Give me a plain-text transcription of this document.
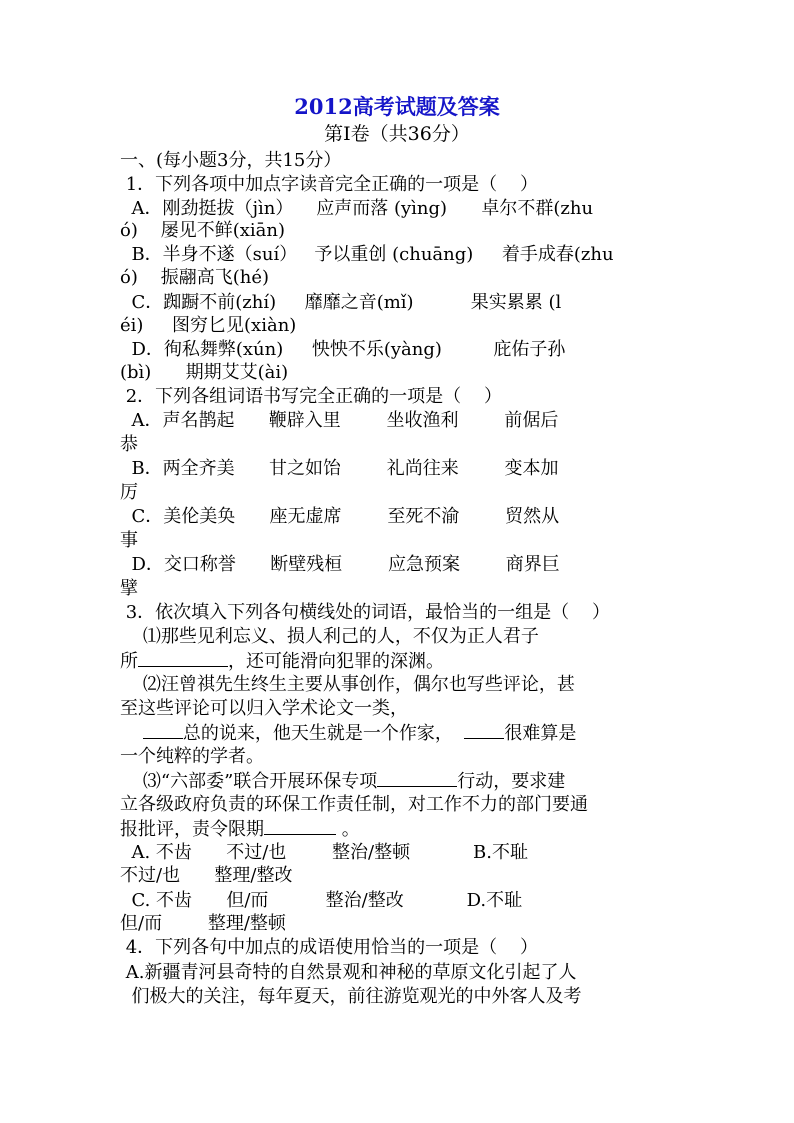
2012高考试题及答案
第Ⅰ卷（共36分）
一、(每小题3分，共15分）
1．下列各项中加点字读音完全正确的一项是（    ）
A．刚劲挺拔（jìn）    应声而落 (yìng)      卓尔不群(zhu
ó)    屡见不鲜(xiān)
B．半身不遂（suí）   予以重创 (chuāng)     着手成春(zhu
ó)    振翮高飞(hé)
C．踟蹰不前(zhí)     靡靡之音(mǐ)          果实累累 (l
éi)     图穷匕见(xiàn)
D．徇私舞弊(xún)     怏怏不乐(yàng)         庇佑子孙
(bì)      期期艾艾(ài)
2．下列各组词语书写完全正确的一项是（    ）
A．声名鹊起      鞭辟入里        坐收渔利        前倨后
恭
B．两全齐美      甘之如饴        礼尚往来        变本加
厉
C．美伦美奂      座无虚席        至死不渝        贸然从
事
D．交口称誉      断壁残桓        应急预案        商界巨
擘
3．依次填入下列各句横线处的词语，最恰当的一组是（    ）
⑴那些见利忘义、损人利己的人，不仅为正人君子
所	，还可能滑向犯罪的深渊。
⑵汪曾祺先生终生主要从事创作，偶尔也写些评论，甚
至这些评论可以归入学术论文一类，
总的说来，他天生就是一个作家，  很难算是
一个纯粹的学者。
⑶“六部委”联合开展环保专项	行动，要求建
立各级政府负责的环保工作责任制，对工作不力的部门要通
报批评，责令限期	。
A. 不齿      不过/也        整治/整顿           B.不耻
不过/也      整理/整改
C. 不齿      但/而          整治/整改           D.不耻
但/而        整理/整顿
4．下列各句中加点的成语使用恰当的一项是（    ）
A.新疆青河县奇特的自然景观和神秘的草原文化引起了人
们极大的关注，每年夏天，前往游览观光的中外客人及考
